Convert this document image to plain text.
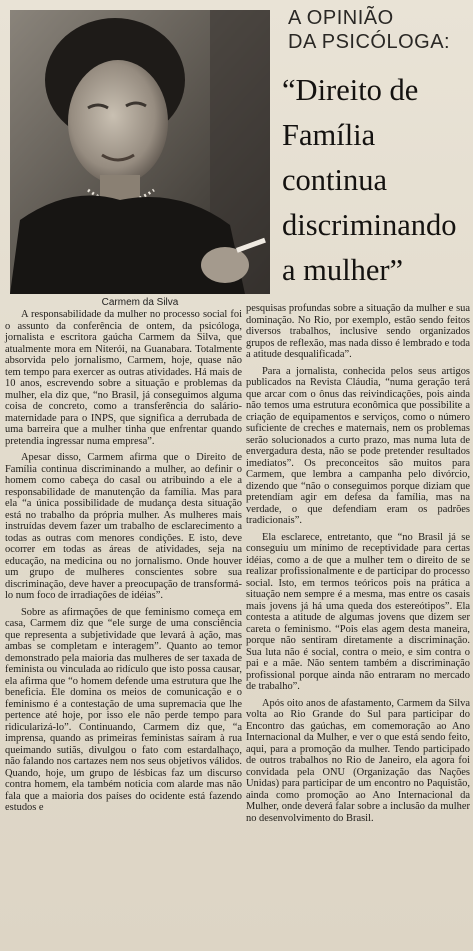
Carmem da Silva
A OPINIÃO
DA PSICÓLOGA:
“Direito de
Família
continua
discriminando
a mulher”

A responsabilidade da mulher no processo social foi o assunto da conferência de ontem, da psicóloga, jornalista e escritora gaúcha Carmem da Silva, que atualmente mora em Niterói, na Guanabara. Totalmente absorvida pelo jornalismo, Carmem, hoje, quase não tem tempo para exercer as outras atividades. Há mais de 10 anos, escrevendo sobre a situação e problemas da mulher, ela diz que, “no Brasil, já conseguimos alguma coisa de concreto, como a transferência do salário-maternidade para o INPS, que significa a derrubada de uma barreira que a mulher tinha que enfrentar quando pretendia ingressar numa empresa”.

Apesar disso, Carmem afirma que o Direito de Família continua discriminando a mulher, ao definir o homem como cabeça do casal ou atribuindo a ele a responsabilidade de manutenção da família. Mas para ela “a única possibilidade de mudança desta situação está no trabalho da própria mulher. As mulheres mais instruídas devem fazer um trabalho de esclarecimento a todas as outras com menores condições. E isto, deve ocorrer em todas as áreas de atividades, seja na educação, na medicina ou no jornalismo. Onde houver um grupo de mulheres conscientes sobre sua discriminação, deve haver a preocupação de transformá-lo num foco de irradiações de idéias”.

Sobre as afirmações de que feminismo começa em casa, Carmem diz que “ele surge de uma consciência que representa a subjetividade que levará à ação, mas ambas se completam e interagem”. Quanto ao temor demonstrado pela maioria das mulheres de ser taxada de feminista ou vinculada ao ridículo que isto possa causar, ela afirma que “o homem defende uma estrutura que lhe beneficia. Ele domina os meios de comunicação e o feminismo é a contestação de uma supremacia que lhe pertence até hoje, por isso ele não perde tempo para ridicularizá-lo”. Continuando, Carmem diz que, “a imprensa, quando as primeiras feministas saíram à rua queimando sutiãs, divulgou o fato com estardalhaço, não falando nos cartazes nem nos seus objetivos válidos. Quando, hoje, um grupo de lésbicas faz um discurso contra homem, ela também noticia com alarde mas não fala que a maioria dos países do ocidente está fazendo estudos e

pesquisas profundas sobre a situação da mulher e sua dominação. No Rio, por exemplo, estão sendo feitos diversos trabalhos, inclusive sendo organizados grupos de reflexão, mas nada disso é lembrado e toda a atitude desqualificada”.

Para a jornalista, conhecida pelos seus artigos publicados na Revista Cláudia, “numa geração terá que arcar com o ônus das reivindicações, pois ainda não temos uma estrutura econômica que possibilite a criação de equipamentos e serviços, como o número suficiente de creches e maternais, nem os problemas serão solucionados a curto prazo, mas numa luta de envergadura desta, não se pode pretender resultados imediatos”. Os preconceitos são muitos para Carmem, que lembra a campanha pelo divórcio, dizendo que “não o conseguimos porque diziam que pretendíam agir em defesa da família, mas na verdade, o que defendiam eram os padrões tradicionais”.

Ela esclarece, entretanto, que “no Brasil já se conseguiu um mínimo de receptividade para certas idéias, como a de que a mulher tem o direito de se realizar profissionalmente e de participar do processo social. Isto, em termos teóricos pois na prática a situação nem sempre é a mesma, mas entre os casais mais jovens já há uma queda dos estereótipos”. Ela contesta a atitude de algumas jovens que dizem ser careta o feminismo. “Pois elas agem desta maneira, porque não sentiram diretamente a discriminação. Sua luta não é social, contra o meio, e sim contra o pai e a mãe. Não sentem também a discriminação profissional porque ainda não entraram no mercado de trabalho”.

Após oito anos de afastamento, Carmem da Silva volta ao Rio Grande do Sul para participar do Encontro das gaúchas, em comemoração ao Ano Internacional da Mulher, e ver o que está sendo feito, aqui, para a promoção da mulher. Tendo participado de outros trabalhos no Rio de Janeiro, ela agora foi convidada pela ONU (Organização das Nações Unidas) para participar de um encontro no Paquistão, ainda como promoção ao Ano Internacional da Mulher, onde deverá falar sobre a inclusão da mulher no desenvolvimento do Brasil.
